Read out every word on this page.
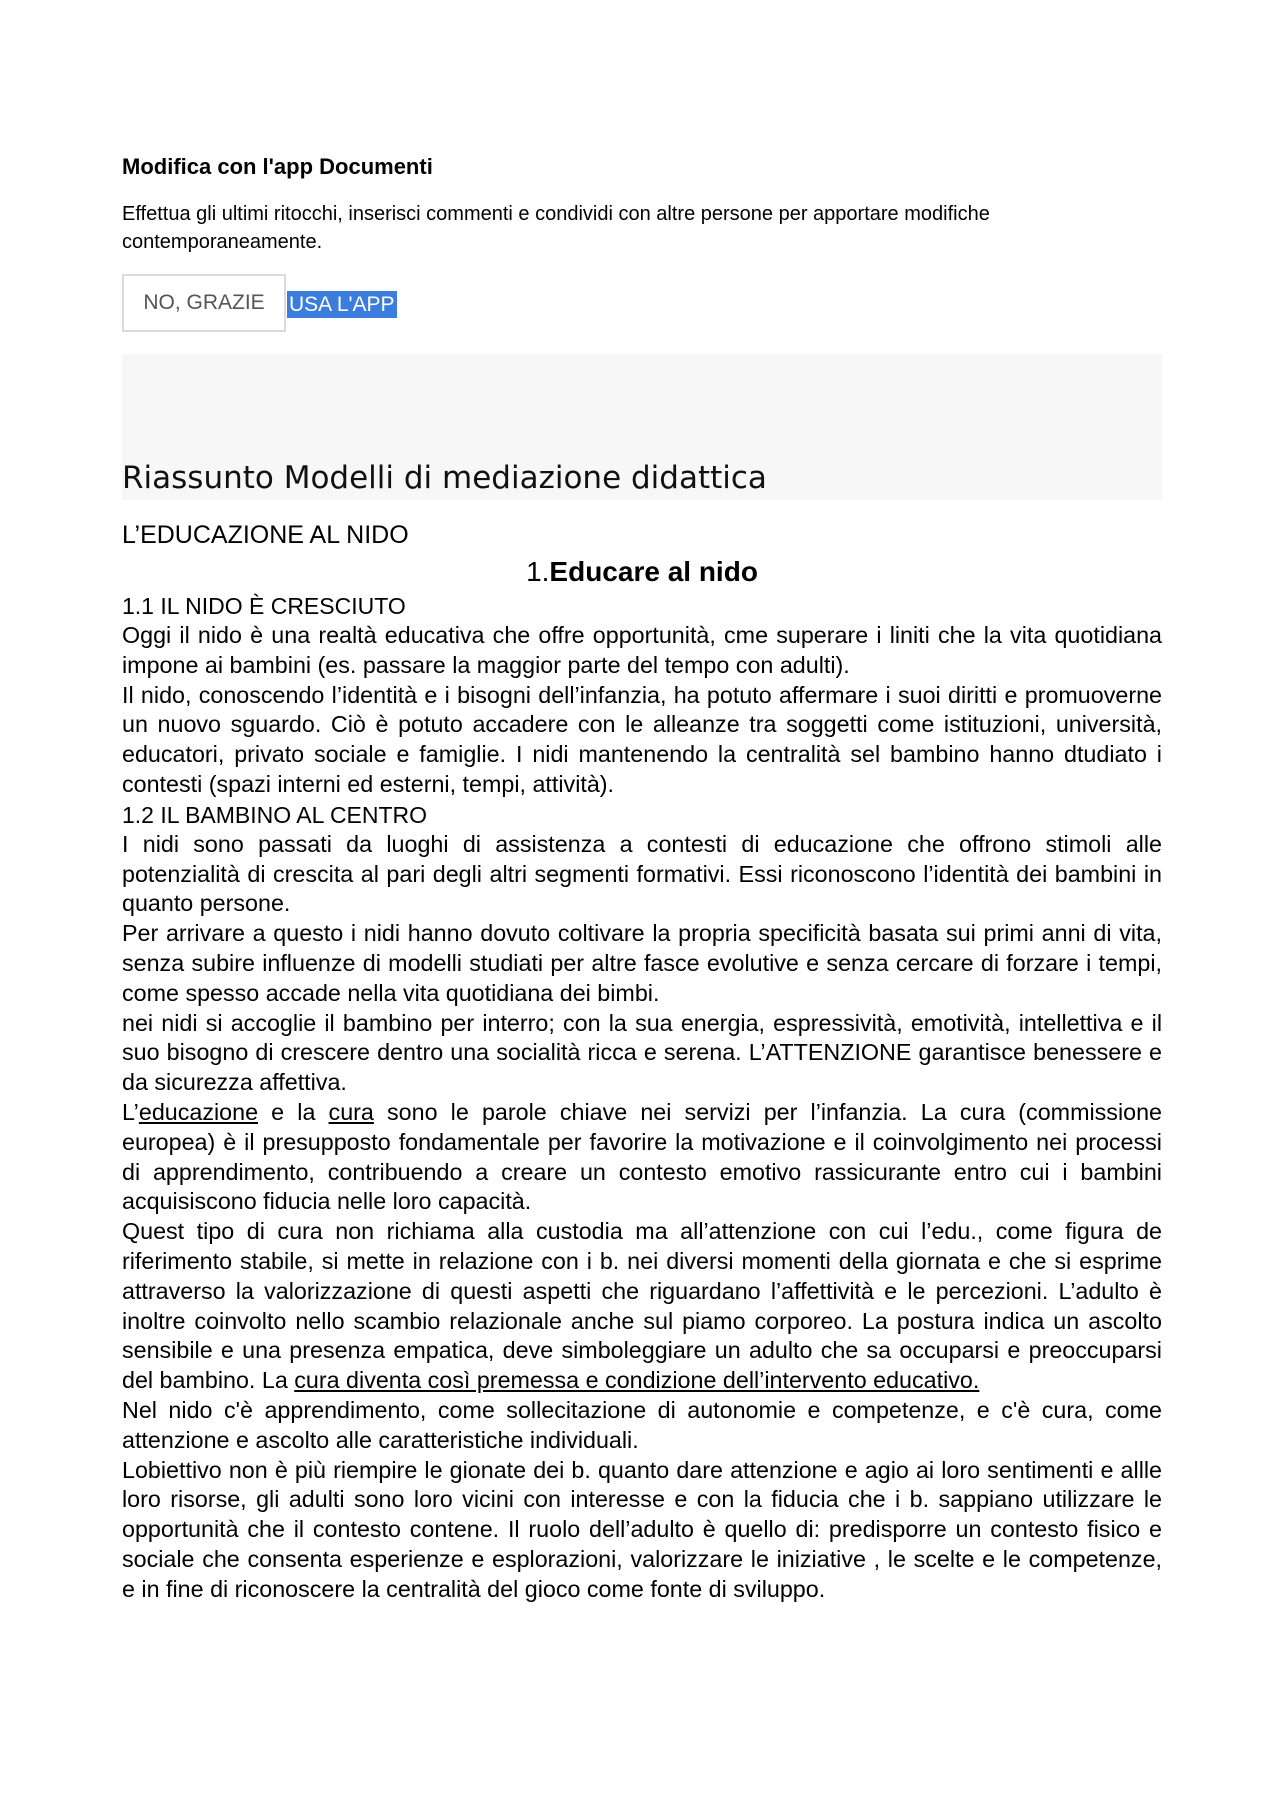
Modifica con l'app Documenti
Effettua gli ultimi ritocchi, inserisci commenti e condividi con altre persone per apportare modifiche contemporaneamente.
NO, GRAZIE	USA L'APP
Riassunto Modelli di mediazione didattica

L’EDUCAZIONE AL NIDO

1.Educare al nido

1.1 IL NIDO È CRESCIUTO

Oggi il nido è una realtà educativa che offre opportunità, cme superare i liniti che la vita quotidiana impone ai bambini (es. passare la maggior parte del tempo con adulti).

Il nido, conoscendo l’identità e i bisogni dell’infanzia, ha potuto affermare i suoi diritti e promuoverne un nuovo sguardo. Ciò è potuto accadere con le alleanze tra soggetti come istituzioni, università, educatori, privato sociale e famiglie. I nidi mantenendo la centralità sel bambino hanno dtudiato i contesti (spazi interni ed esterni, tempi, attività).

1.2 IL BAMBINO AL CENTRO

I nidi sono passati da luoghi di assistenza a contesti di educazione che offrono stimoli alle potenzialità di crescita al pari degli altri segmenti formativi. Essi riconoscono l’identità dei bambini in quanto persone.

Per arrivare a questo i nidi hanno dovuto coltivare la propria specificità basata sui primi anni di vita, senza subire influenze di modelli studiati per altre fasce evolutive e senza cercare di forzare i tempi, come spesso accade nella vita quotidiana dei bimbi.

nei nidi si accoglie il bambino per interro; con la sua energia, espressività, emotività, intellettiva e il suo bisogno di crescere dentro una socialità ricca e serena. L’ATTENZIONE garantisce benessere e da sicurezza affettiva.

L’educazione e la cura sono le parole chiave nei servizi per l’infanzia. La cura (commissione europea) è il presupposto fondamentale per favorire la motivazione e il coinvolgimento nei processi di apprendimento, contribuendo a creare un contesto emotivo rassicurante entro cui i bambini acquisiscono fiducia nelle loro capacità.

Quest tipo di cura non richiama alla custodia ma all’attenzione con cui l’edu., come figura de riferimento stabile, si mette in relazione con i b. nei diversi momenti della giornata e che si esprime attraverso la valorizzazione di questi aspetti che riguardano l’affettività e le percezioni. L’adulto è inoltre coinvolto nello scambio relazionale anche sul piamo corporeo. La postura indica un ascolto sensibile e una presenza empatica, deve simboleggiare un adulto che sa occuparsi e preoccuparsi del bambino. La cura diventa così premessa e condizione dell’intervento educativo.

Nel nido c'è apprendimento, come sollecitazione di autonomie e competenze, e c'è cura, come attenzione e ascolto alle caratteristiche individuali.

Lobiettivo non è più riempire le gionate dei b. quanto dare attenzione e agio ai loro sentimenti e allle loro risorse, gli adulti sono loro vicini con interesse e con la fiducia che i b. sappiano utilizzare le opportunità che il contesto contene. Il ruolo dell’adulto è quello di: predisporre un contesto fisico e sociale che consenta esperienze e esplorazioni, valorizzare le iniziative , le scelte e le competenze, e in fine di riconoscere la centralità del gioco come fonte di sviluppo.
